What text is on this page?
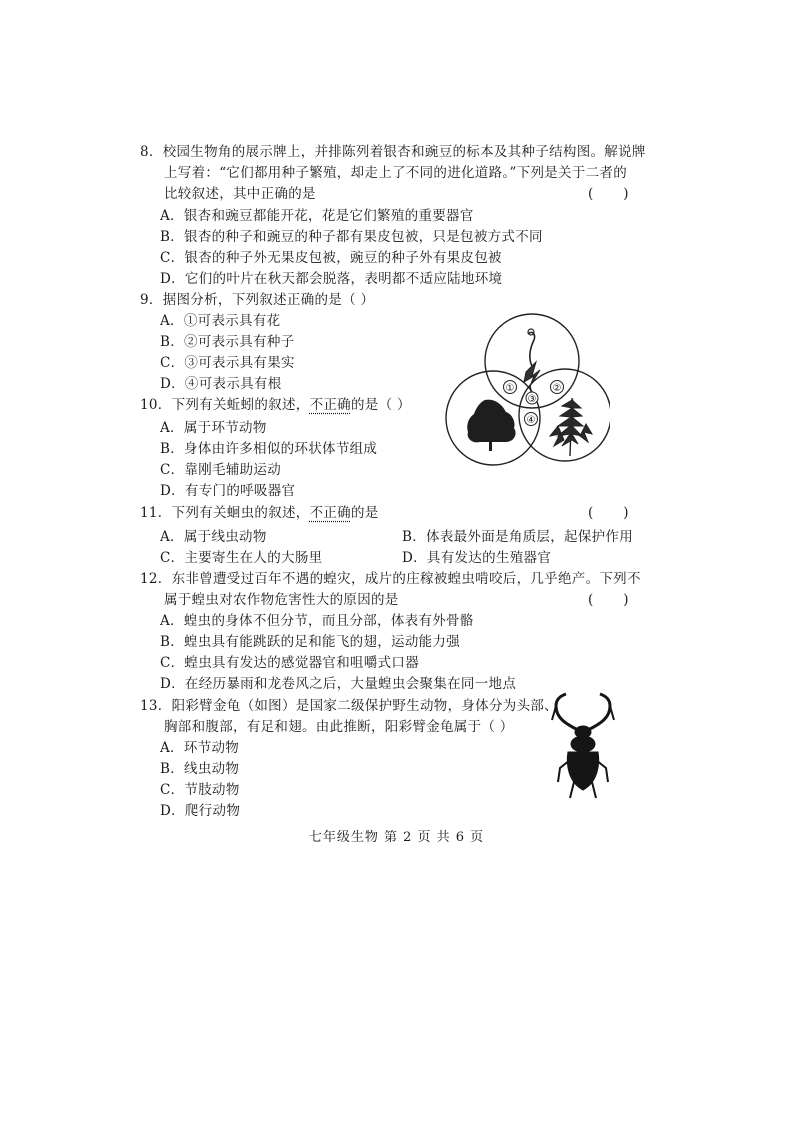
8．校园生物角的展示牌上，并排陈列着银杏和豌豆的标本及其种子结构图。解说牌
上写着：“它们都用种子繁殖，却走上了不同的进化道路。”下列是关于二者的
比较叙述，其中正确的是	(       )
A．银杏和豌豆都能开花，花是它们繁殖的重要器官
B．银杏的种子和豌豆的种子都有果皮包被，只是包被方式不同
C．银杏的种子外无果皮包被，豌豆的种子外有果皮包被
D．它们的叶片在秋天都会脱落，表明都不适应陆地环境
9．据图分析，下列叙述正确的是（ ）
A．①可表示具有花
B．②可表示具有种子
C．③可表示具有果实
D．④可表示具有根	①	②
③
④
10．下列有关蚯蚓的叙述，不正确的是（ ）
A．属于环节动物
B．身体由许多相似的环状体节组成
C．靠刚毛辅助运动
D．有专门的呼吸器官
11．下列有关蛔虫的叙述，不正确的是	(       )
A．属于线虫动物	B．体表最外面是角质层，起保护作用
C．主要寄生在人的大肠里	D．具有发达的生殖器官
12．东非曾遭受过百年不遇的蝗灾，成片的庄稼被蝗虫啃咬后，几乎绝产。下列不
属于蝗虫对农作物危害性大的原因的是	(       )
A．蝗虫的身体不但分节，而且分部，体表有外骨骼
B．蝗虫具有能跳跃的足和能飞的翅，运动能力强
C．蝗虫具有发达的感觉器官和咀嚼式口器
D．在经历暴雨和龙卷风之后，大量蝗虫会聚集在同一地点
13．阳彩臂金龟（如图）是国家二级保护野生动物，身体分为头部、
胸部和腹部，有足和翅。由此推断，阳彩臂金龟属于（ ）
A．环节动物
B．线虫动物
C．节肢动物
D．爬行动物
七年级生物 第 2 页 共 6 页
